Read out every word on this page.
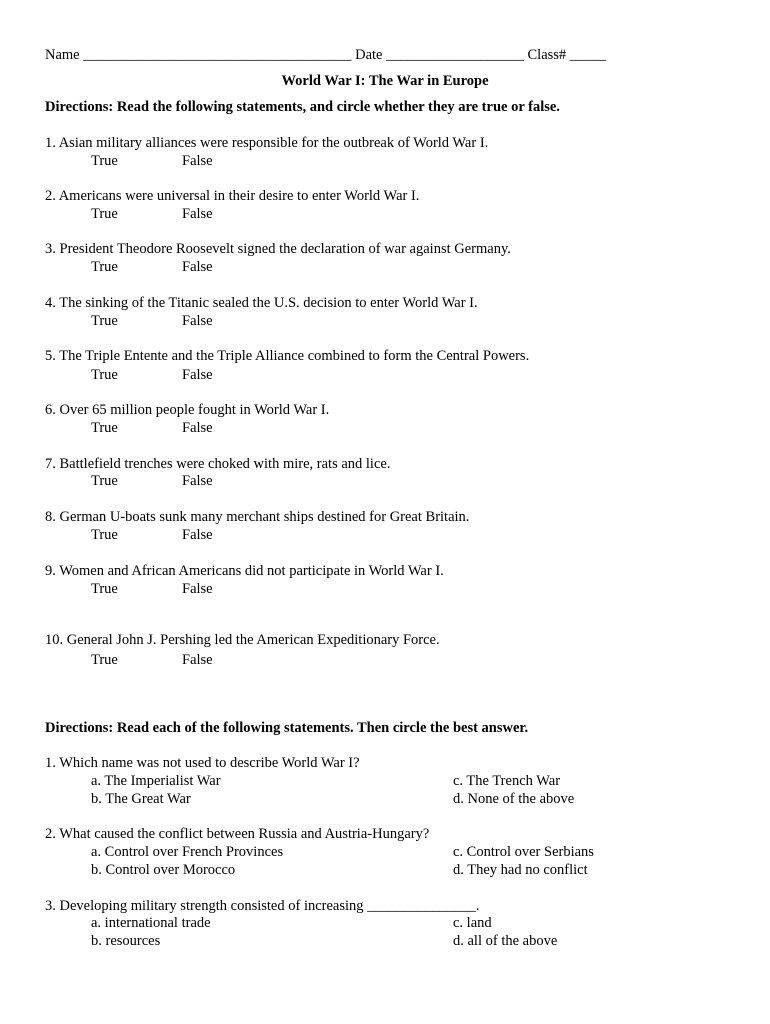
Name _____________________________________ Date ___________________ Class# _____
World War I: The War in Europe
Directions: Read the following statements, and circle whether they are true or false.
1. Asian military alliances were responsible for the outbreak of World War I.
True	False
2. Americans were universal in their desire to enter World War I.
True	False
3. President Theodore Roosevelt signed the declaration of war against Germany.
True	False
4. The sinking of the Titanic sealed the U.S. decision to enter World War I.
True	False
5. The Triple Entente and the Triple Alliance combined to form the Central Powers.
True	False
6. Over 65 million people fought in World War I.
True	False
7. Battlefield trenches were choked with mire, rats and lice.
True	False
8. German U-boats sunk many merchant ships destined for Great Britain.
True	False
9. Women and African Americans did not participate in World War I.
True	False
10. General John J. Pershing led the American Expeditionary Force.
True	False
Directions: Read each of the following statements. Then circle the best answer.
1. Which name was not used to describe World War I?
a. The Imperialist War	c. The Trench War
b. The Great War	d. None of the above
2. What caused the conflict between Russia and Austria-Hungary?
a. Control over French Provinces	c. Control over Serbians
b. Control over Morocco	d. They had no conflict
3. Developing military strength consisted of increasing _______________.
a. international trade	c. land
b. resources	d. all of the above
